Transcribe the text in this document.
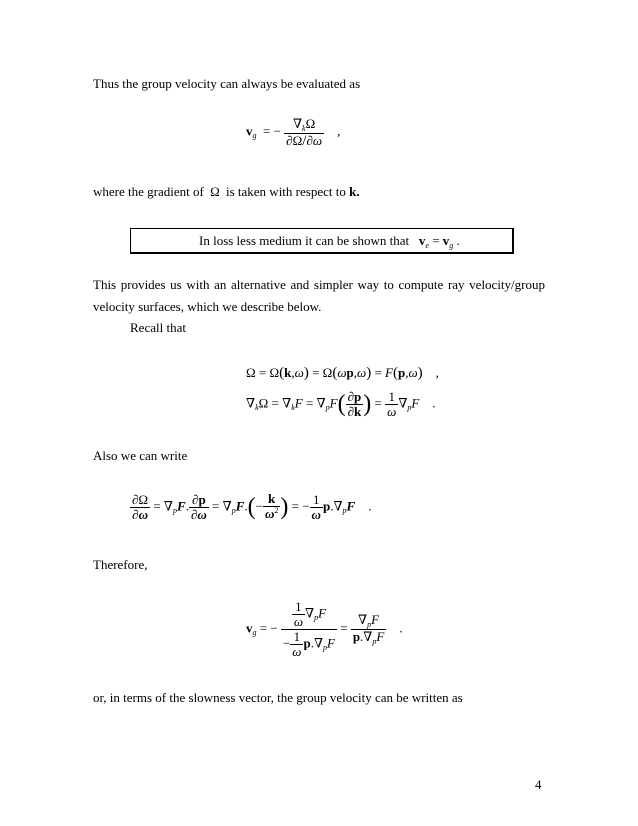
Thus the group velocity can always be evaluated as
$v_g$  = − $\frac{\nabla_k\Omega}{\partial\Omega/\partial\omega}$ ,
where the gradient of Ω is taken with respect to k.
In loss less medium it can be shown that $v_e = v_g$ .
This provides us with an alternative and simpler way to compute ray velocity/group
velocity surfaces, which we describe below.
Recall that
Ω = Ω(k,ω) = Ω(ωp,ω) = F(p,ω)    ,
$\nabla_k\Omega = \nabla_kF = \nabla_pF( \frac{\partial p}{\partial k}$ ) = $\frac{1}{\omega} \nabla_pF$    .
Also we can write
$\frac{\partial\Omega}{\partial\omega} = \nabla_pF$. $\frac{\partial p}{\partial\omega} = \nabla_pF.(- \frac{k}{\omega^2}$ ) = − $\frac{1}{\omega} p.\nabla_pF$    .
Therefore,
$v_g$ = − $\frac{\frac{1}{\omega} \nabla_pF}{- \frac{1}{\omega} p.\nabla_pF} = \frac{\nabla_pF}{p.\nabla_pF}$ .
or, in terms of the slowness vector, the group velocity can be written as
4
